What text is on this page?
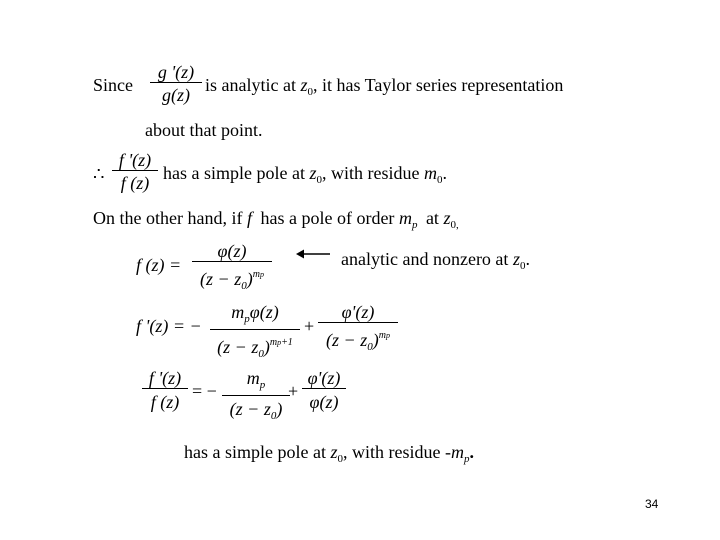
Since $\frac{g '(z)}{g(z)}$ is analytic at $z_0$, it has Taylor series representation
about that point.
∴ $\frac{f '(z)}{f (z)}$ has a simple pole at $z_0$, with residue $m_0$.
On the other hand, if f has a pole of order $m_p$ at $z_{0,}$
f $(z) = \frac{\varphi(z)}{(z - z_0)^{mp}}$	analytic and nonzero at $z_0$.
f '(z) = −
$m_p\varphi(z)$
$(z - z_0)^{mp+1}$
+ $\frac{\varphi'(z)}{(z - z_0)^{mp}}$
$\frac{f '(z)}{f (z)}$ = − $\frac{m_p}{(z - z_0)}$
+ $\frac{\varphi'(z)}{\varphi(z)}$
has a simple pole at $z_0$, with residue $-m_p$.
34
